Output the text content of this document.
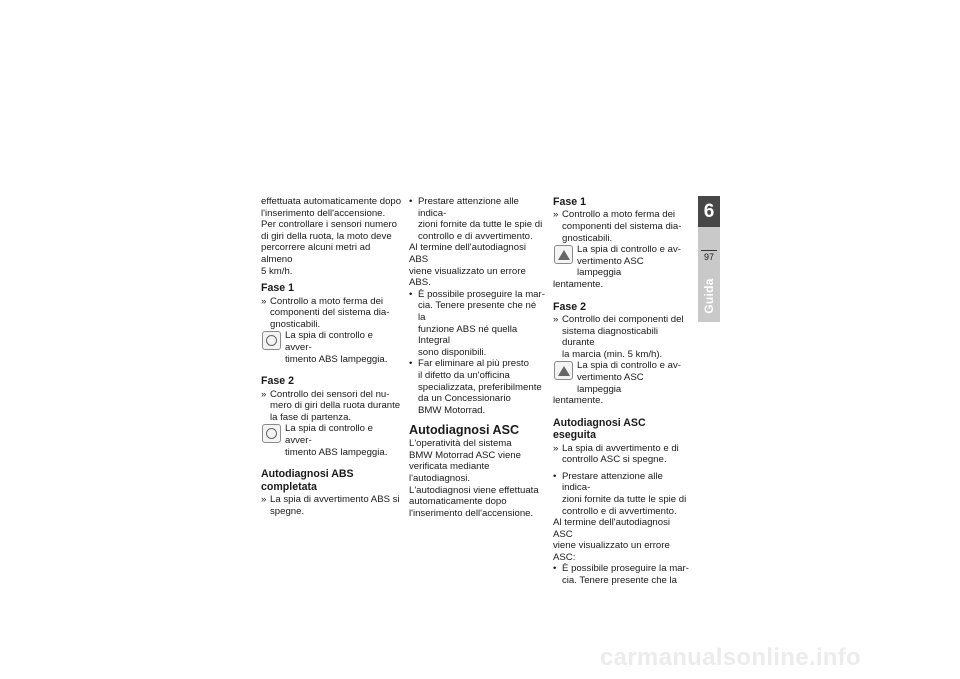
effettuata automaticamente dopo
l'inserimento dell'accensione.
Per controllare i sensori numero
di giri della ruota, la moto deve
percorrere alcuni metri ad almeno
5 km/h.

Fase 1
» Controllo a moto ferma dei
componenti del sistema dia-
gnosticabili.
La spia di controllo e avver-
timento ABS lampeggia.
Fase 2
» Controllo dei sensori del nu-
mero di giri della ruota durante
la fase di partenza.
La spia di controllo e avver-
timento ABS lampeggia.
Autodiagnosi ABS
completata
» La spia di avvertimento ABS si
spegne.
• Prestare attenzione alle indica-
zioni fornite da tutte le spie di
controllo e di avvertimento.

Al termine dell'autodiagnosi ABS
viene visualizzato un errore ABS.

• È possibile proseguire la mar-
cia. Tenere presente che né la
funzione ABS né quella Integral
sono disponibili.
• Far eliminare al più presto
il difetto da un'officina
specializzata, preferibilmente
da un Concessionario
BMW Motorrad.
Autodiagnosi ASC

L'operatività del sistema
BMW Motorrad ASC viene
verificata mediante l'autodiagnosi.
L'autodiagnosi viene effettuata
automaticamente dopo
l'inserimento dell'accensione.

Fase 1
» Controllo a moto ferma dei
componenti del sistema dia-
gnosticabili.
La spia di controllo e av-
vertimento ASC lampeggia

lentamente.

Fase 2
» Controllo dei componenti del
sistema diagnosticabili durante
la marcia (min. 5 km/h).
La spia di controllo e av-
vertimento ASC lampeggia

lentamente.

Autodiagnosi ASC eseguita
» La spia di avvertimento e di
controllo ASC si spegne.
• Prestare attenzione alle indica-
zioni fornite da tutte le spie di
controllo e di avvertimento.

Al termine dell'autodiagnosi ASC
viene visualizzato un errore ASC:

• È possibile proseguire la mar-
cia. Tenere presente che la
6
97
Guida
carmanualsonline.info
